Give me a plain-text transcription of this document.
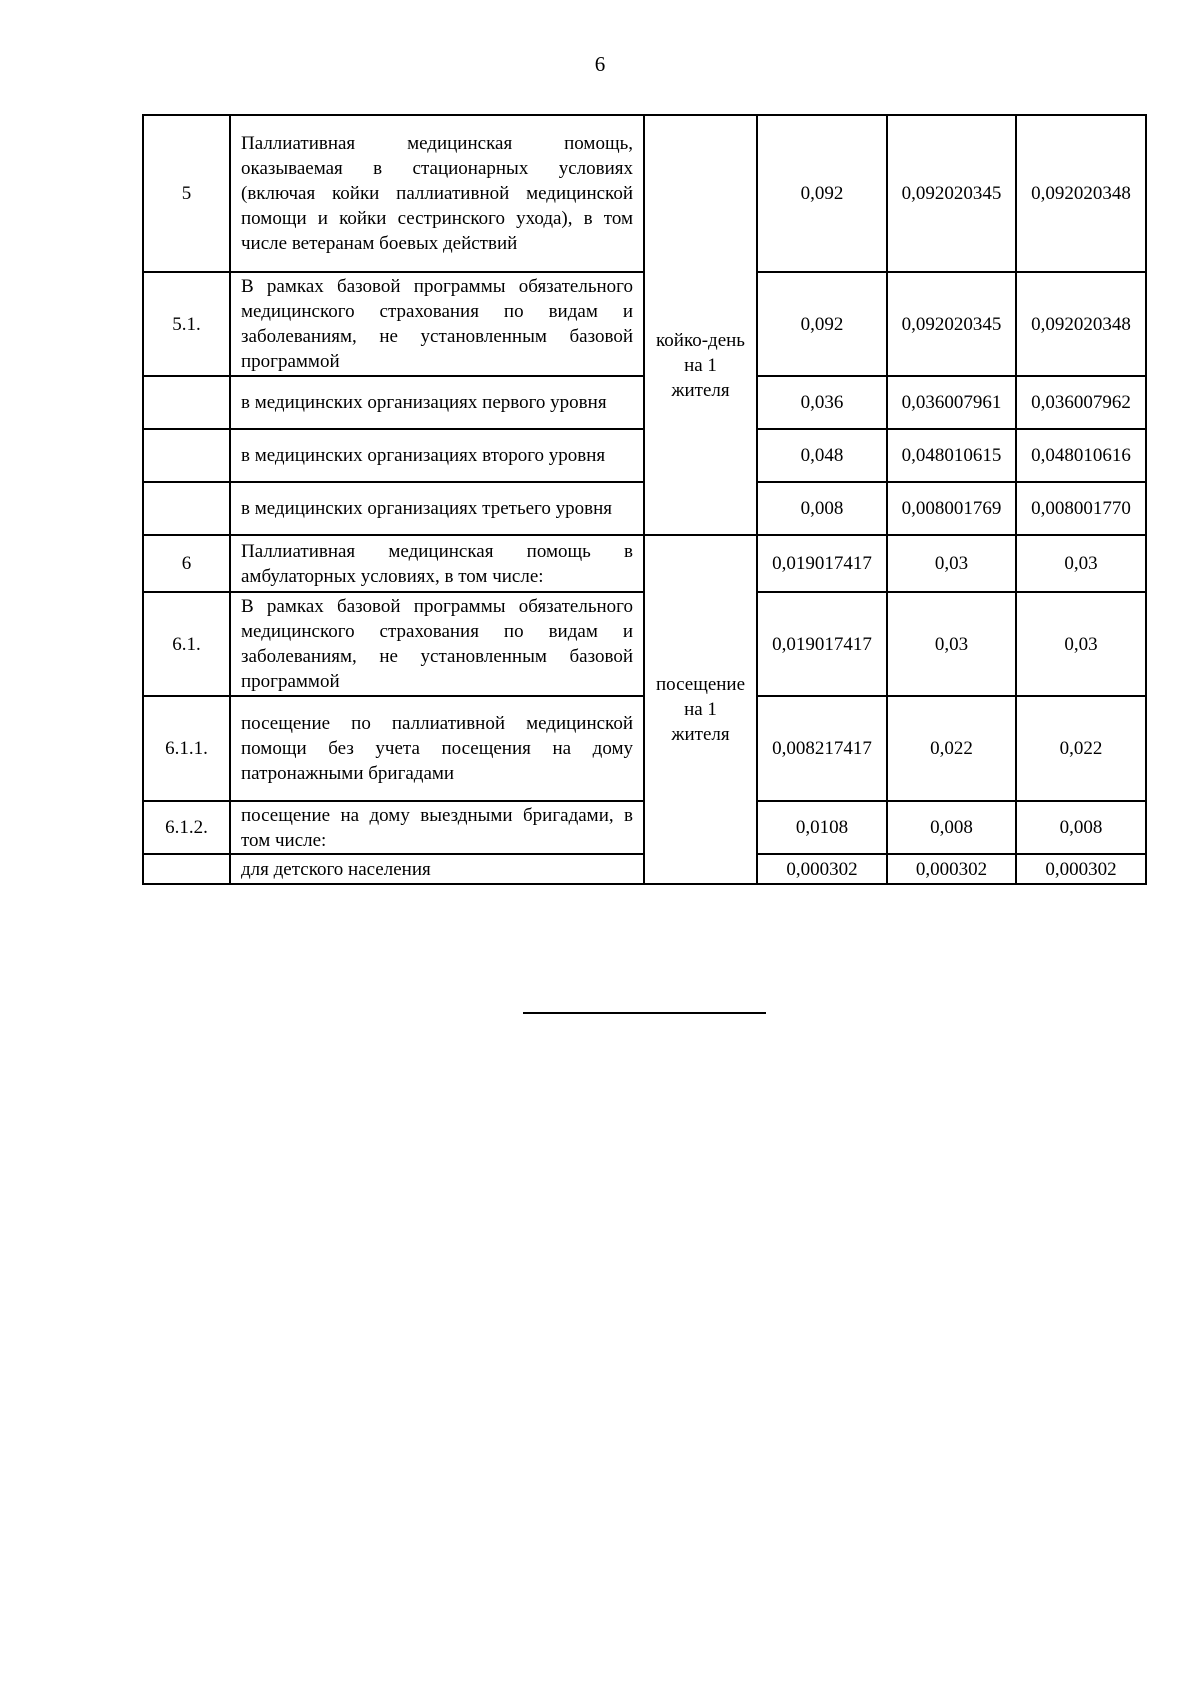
6
5	Паллиативная медицинская помощь, оказываемая в стационарных условиях (включая койки паллиативной медицинской помощи и койки сестринского ухода), в том числе ветеранам боевых действий	койко-день на 1 жителя	0,092	0,092020345	0,092020348
5.1.	В рамках базовой программы обязательного медицинского страхования по видам и заболеваниям, не установленным базовой программой		0,092	0,092020345	0,092020348
	в медицинских организациях первого уровня		0,036	0,036007961	0,036007962
	в медицинских организациях второго уровня		0,048	0,048010615	0,048010616
	в медицинских организациях третьего уровня		0,008	0,008001769	0,008001770
6	Паллиативная медицинская помощь в амбулаторных условиях, в том числе:	посещение на 1 жителя	0,019017417	0,03	0,03
6.1.	В рамках базовой программы обязательного медицинского страхования по видам и заболеваниям, не установленным базовой программой		0,019017417	0,03	0,03
6.1.1.	посещение по паллиативной медицинской помощи без учета посещения на дому патронажными бригадами		0,008217417	0,022	0,022
6.1.2.	посещение на дому выездными бригадами, в том числе:		0,0108	0,008	0,008
	для детского населения		0,000302	0,000302	0,000302
